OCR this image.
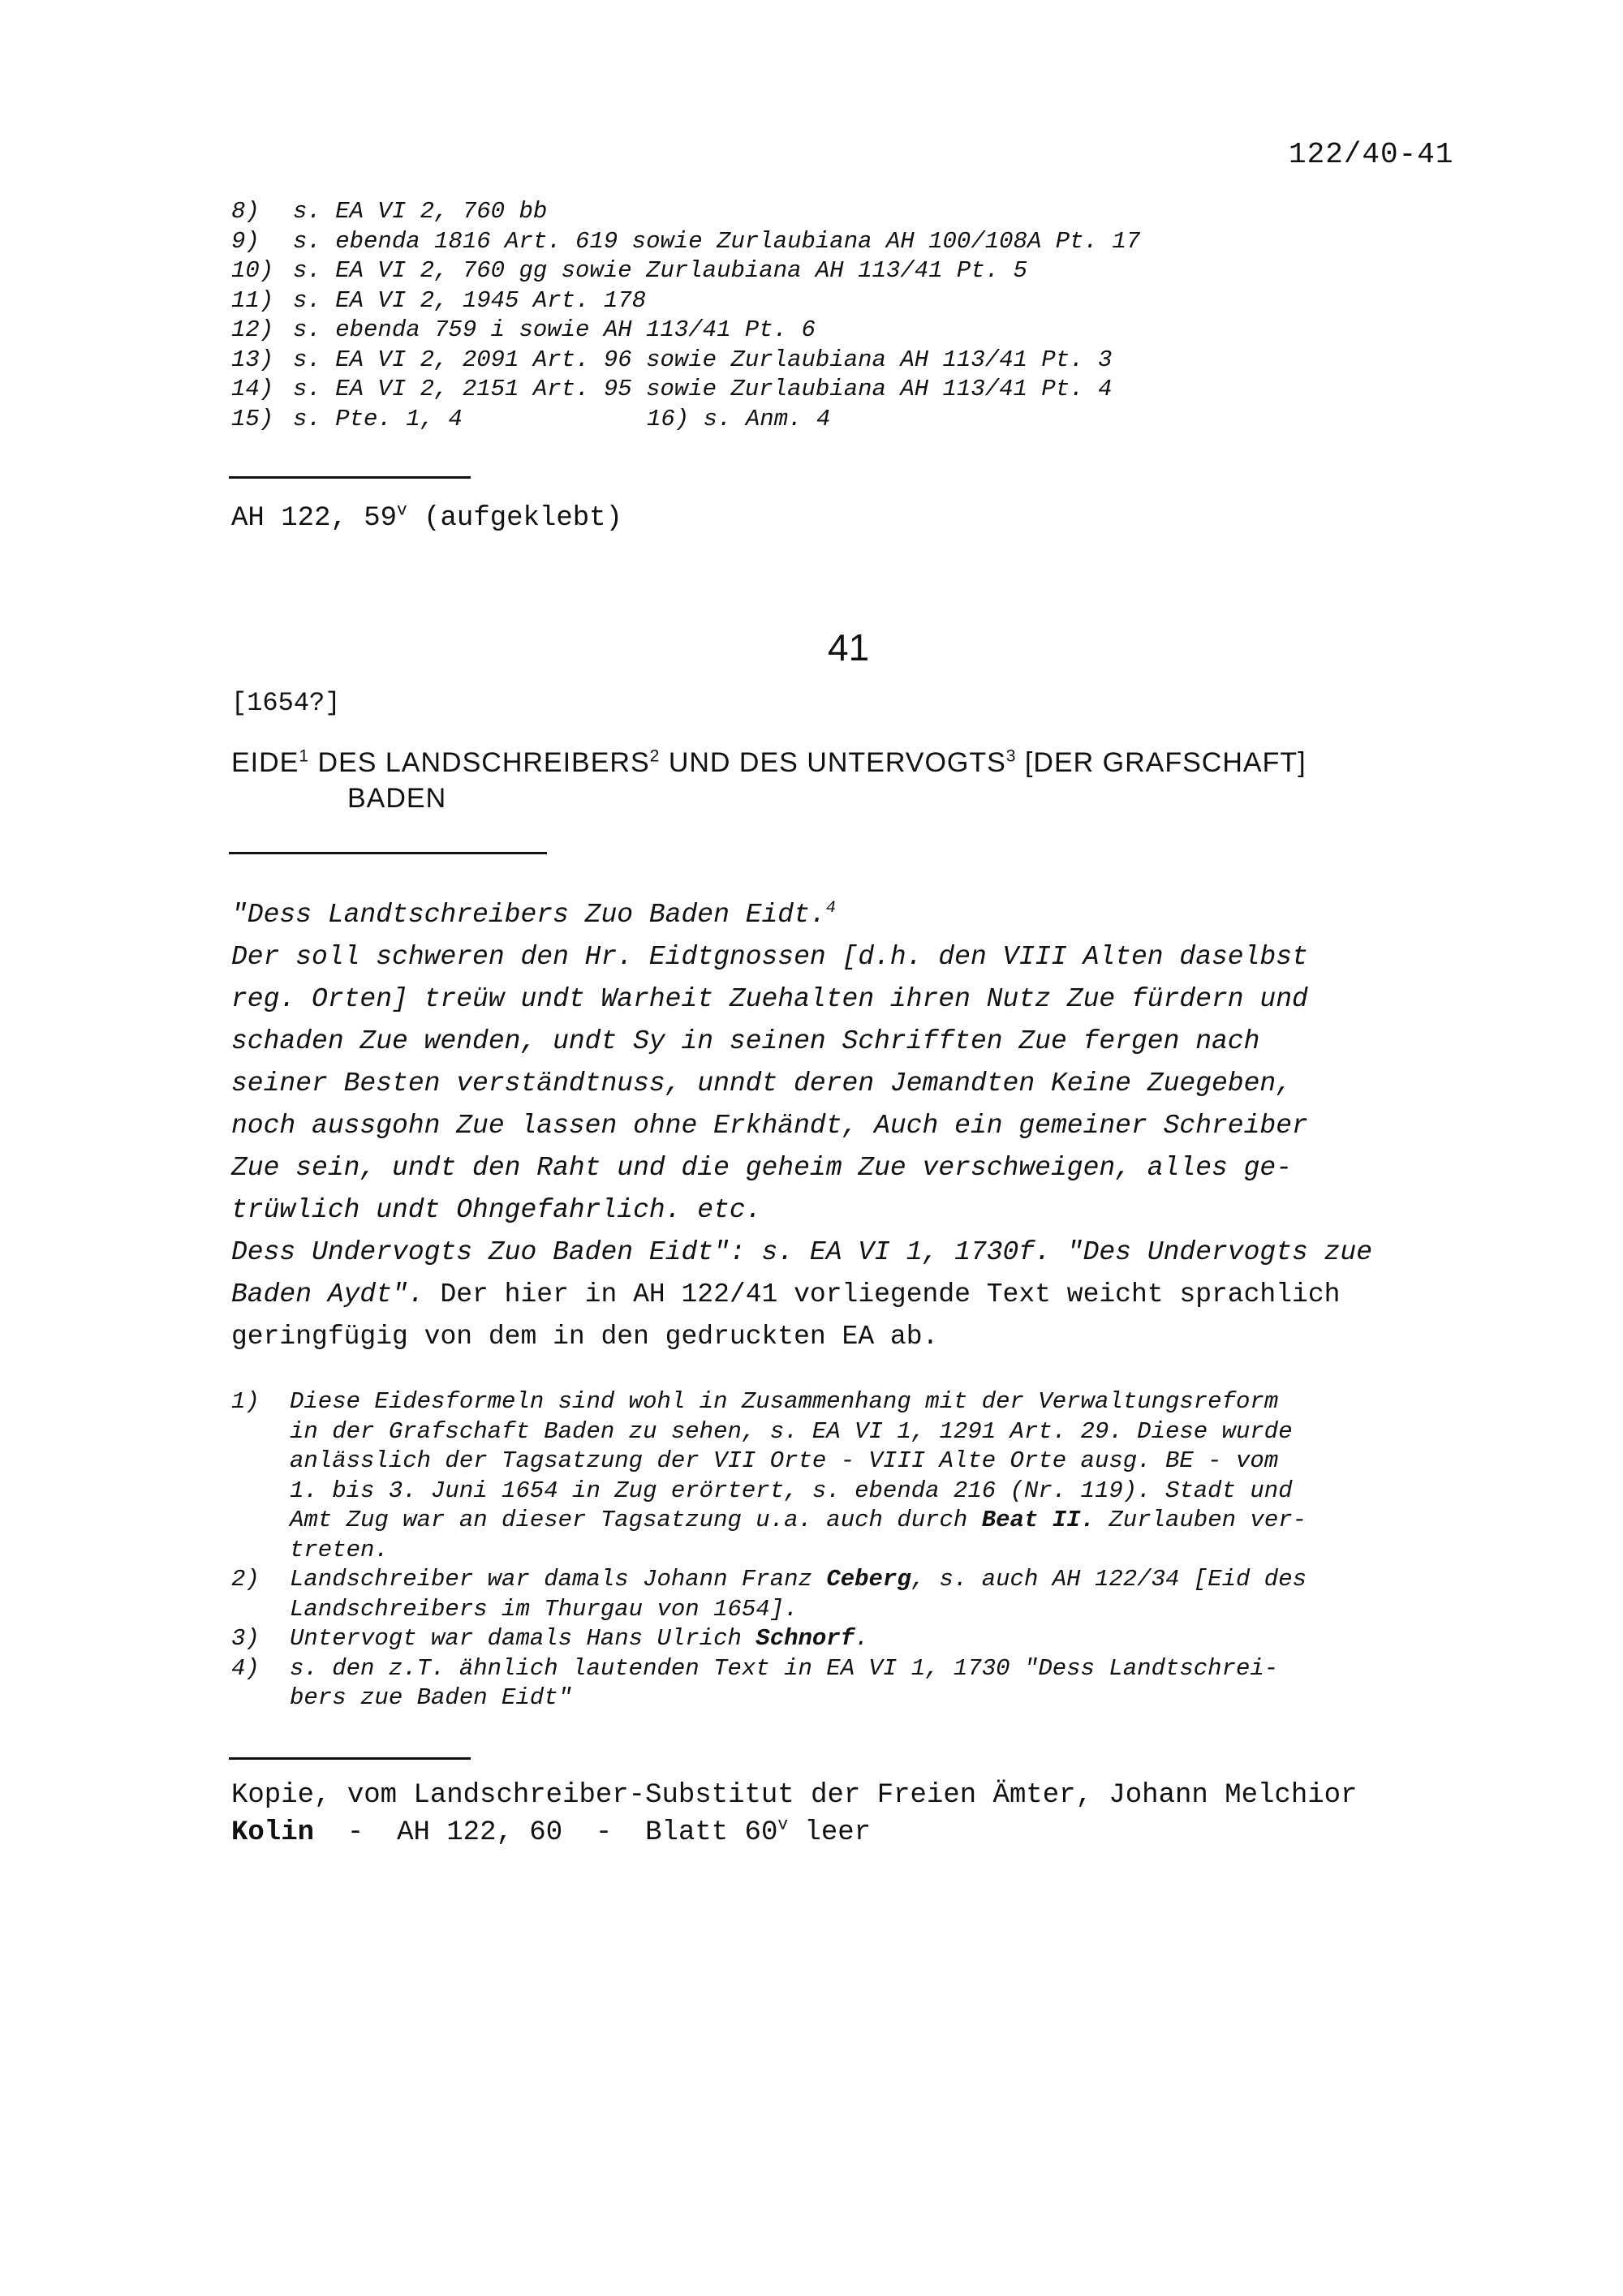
122/40-41
8) s. EA VI 2, 760 bb
9) s. ebenda 1816 Art. 619 sowie Zurlaubiana AH 100/108A Pt. 17
10) s. EA VI 2, 760 gg sowie Zurlaubiana AH 113/41 Pt. 5
11) s. EA VI 2, 1945 Art. 178
12) s. ebenda 759 i sowie AH 113/41 Pt. 6
13) s. EA VI 2, 2091 Art. 96 sowie Zurlaubiana AH 113/41 Pt. 3
14) s. EA VI 2, 2151 Art. 95 sowie Zurlaubiana AH 113/41 Pt. 4
15) s. Pte. 1, 4	16) s. Anm. 4
AH 122, 59$^v$ (aufgeklebt)
41
[1654?]
EIDE$^1$ DES LANDSCHREIBERS$^2$ UND DES UNTERVOGTS$^3$ [DER GRAFSCHAFT]
BADEN
"Dess Landtschreibers Zuo Baden Eidt.$^4$
Der soll schweren den Hr. Eidtgnossen [d.h. den VIII Alten daselbst
reg. Orten] treüw undt Warheit Zuehalten ihren Nutz Zue fürdern und
schaden Zue wenden, undt Sy in seinen Schrifften Zue fergen nach
seiner Besten verständtnuss, unndt deren Jemandten Keine Zuegeben,
noch aussgohn Zue lassen ohne Erkhändt, Auch ein gemeiner Schreiber
Zue sein, undt den Raht und die geheim Zue verschweigen, alles ge-
trüwlich undt Ohngefahrlich. etc.
Dess Undervogts Zuo Baden Eidt": s. EA VI 1, 1730f. "Des Undervogts zue
Baden Aydt". Der hier in AH 122/41 vorliegende Text weicht sprachlich
geringfügig von dem in den gedruckten EA ab.
1) Diese Eidesformeln sind wohl in Zusammenhang mit der Verwaltungsreform
in der Grafschaft Baden zu sehen, s. EA VI 1, 1291 Art. 29. Diese wurde
anlässlich der Tagsatzung der VII Orte - VIII Alte Orte ausg. BE - vom
1. bis 3. Juni 1654 in Zug erörtert, s. ebenda 216 (Nr. 119). Stadt und
Amt Zug war an dieser Tagsatzung u.a. auch durch Beat II. Zurlauben ver-
treten.
2) Landschreiber war damals Johann Franz Ceberg, s. auch AH 122/34 [Eid des
Landschreibers im Thurgau von 1654].
3) Untervogt war damals Hans Ulrich Schnorf.
4) s. den z.T. ähnlich lautenden Text in EA VI 1, 1730 "Dess Landtschrei-
bers zue Baden Eidt"
Kopie, vom Landschreiber-Substitut der Freien Ämter, Johann Melchior
Kolin  -  AH 122, 60  -  Blatt 60$^v$ leer
